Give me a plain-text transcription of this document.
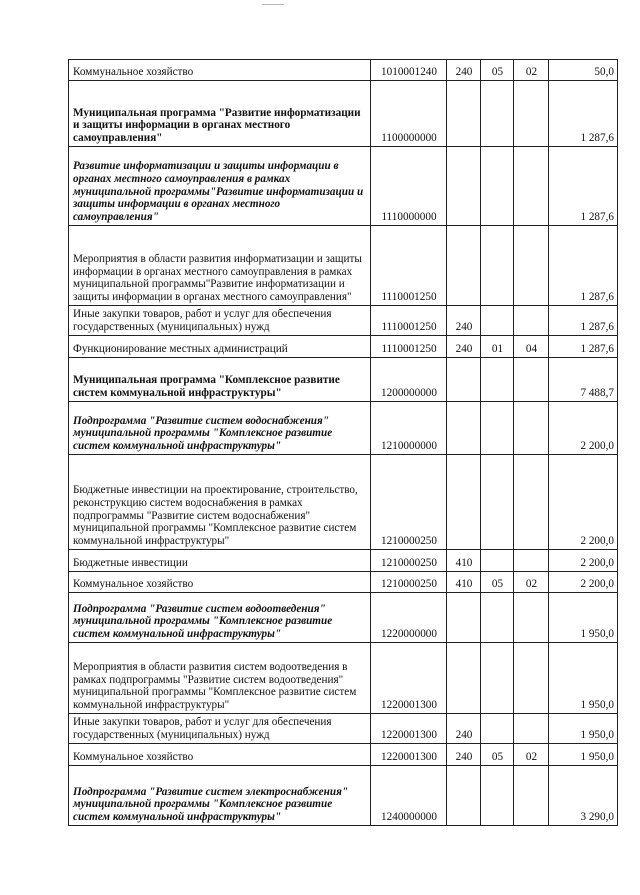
Коммунальное хозяйство	1010001240	240	05	02	50,0
Муниципальная программа "Развитие информатизации и защиты информации в органах местного самоуправления"	1100000000				1 287,6
Развитие информатизации и защиты информации в органах местного самоуправления в рамках муниципальной программы"Развитие информатизации и защиты информации в органах местного самоуправления"	1110000000				1 287,6
Мероприятия в области развития информатизации и защиты информации в органах местного самоуправления в рамках муниципальной программы"Развитие информатизации и защиты информации в органах местного самоуправления"	1110001250				1 287,6
Иные закупки товаров, работ и услуг для обеспечения государственных (муниципальных) нужд	1110001250	240			1 287,6
Функционирование местных администраций	1110001250	240	01	04	1 287,6
Муниципальная программа "Комплексное развитие систем коммунальной инфраструктуры"	1200000000				7 488,7
Подпрограмма "Развитие систем водоснабжения" муниципальной программы "Комплексное развитие систем коммунальной инфраструктуры"	1210000000				2 200,0
Бюджетные инвестиции на проектирование, строительство, реконструкцию систем водоснабжения в рамках подпрограммы "Развитие систем водоснабжения" муниципальной программы "Комплексное развитие систем коммунальной инфраструктуры"	1210000250				2 200,0
Бюджетные инвестиции	1210000250	410			2 200,0
Коммунальное хозяйство	1210000250	410	05	02	2 200,0
Подпрограмма "Развитие систем водоотведения" муниципальной программы "Комплексное развитие систем коммунальной инфраструктуры"	1220000000				1 950,0
Мероприятия в области развития систем водоотведения в рамках подпрограммы "Развитие систем водоотведения" муниципальной программы "Комплексное развитие систем коммунальной инфраструктуры"	1220001300				1 950,0
Иные закупки товаров, работ и услуг для обеспечения государственных (муниципальных) нужд	1220001300	240			1 950,0
Коммунальное хозяйство	1220001300	240	05	02	1 950,0
Подпрограмма "Развитие систем электроснабжения" муниципальной программы "Комплексное развитие систем коммунальной инфраструктуры"	1240000000				3 290,0
